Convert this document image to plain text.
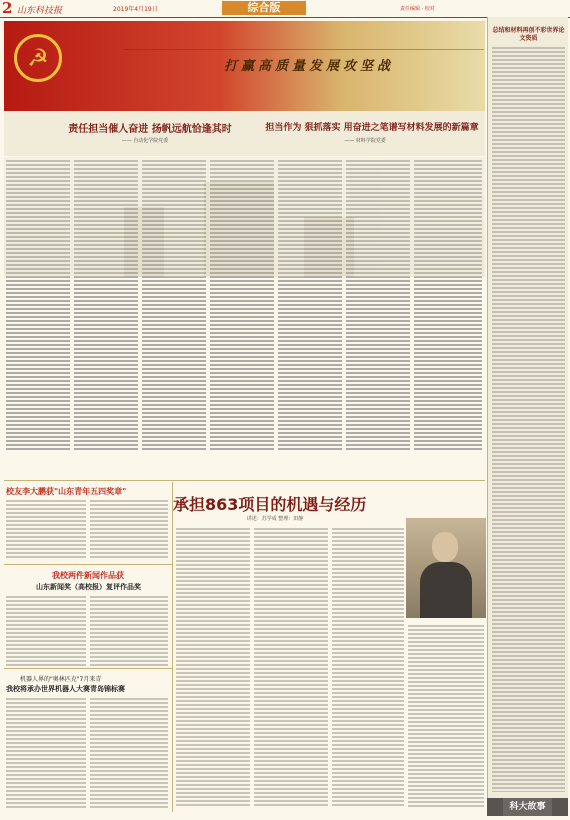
2 山东科技报	2019年4月19日	综合版	责任编辑 · 校对
☭	打赢高质量发展攻坚战
责任担当催人奋进 扬帆远航恰逢其时
—— 自动化学院党委
担当作为 狠抓落实 用奋进之笔谱写材料发展的新篇章
—— 材料学院党委
校友李大鹏获"山东青年五四奖章"
我校两件新闻作品获
山东新闻奖（高校报）复评作品奖
机器人界的"奥林匹克"7月来青
我校将承办世界机器人大赛青岛锦标赛
承担863项目的机遇与经历
讲述：苏学成 整理：田静
总结和材料再创不彩世界论文资质
科大故事
